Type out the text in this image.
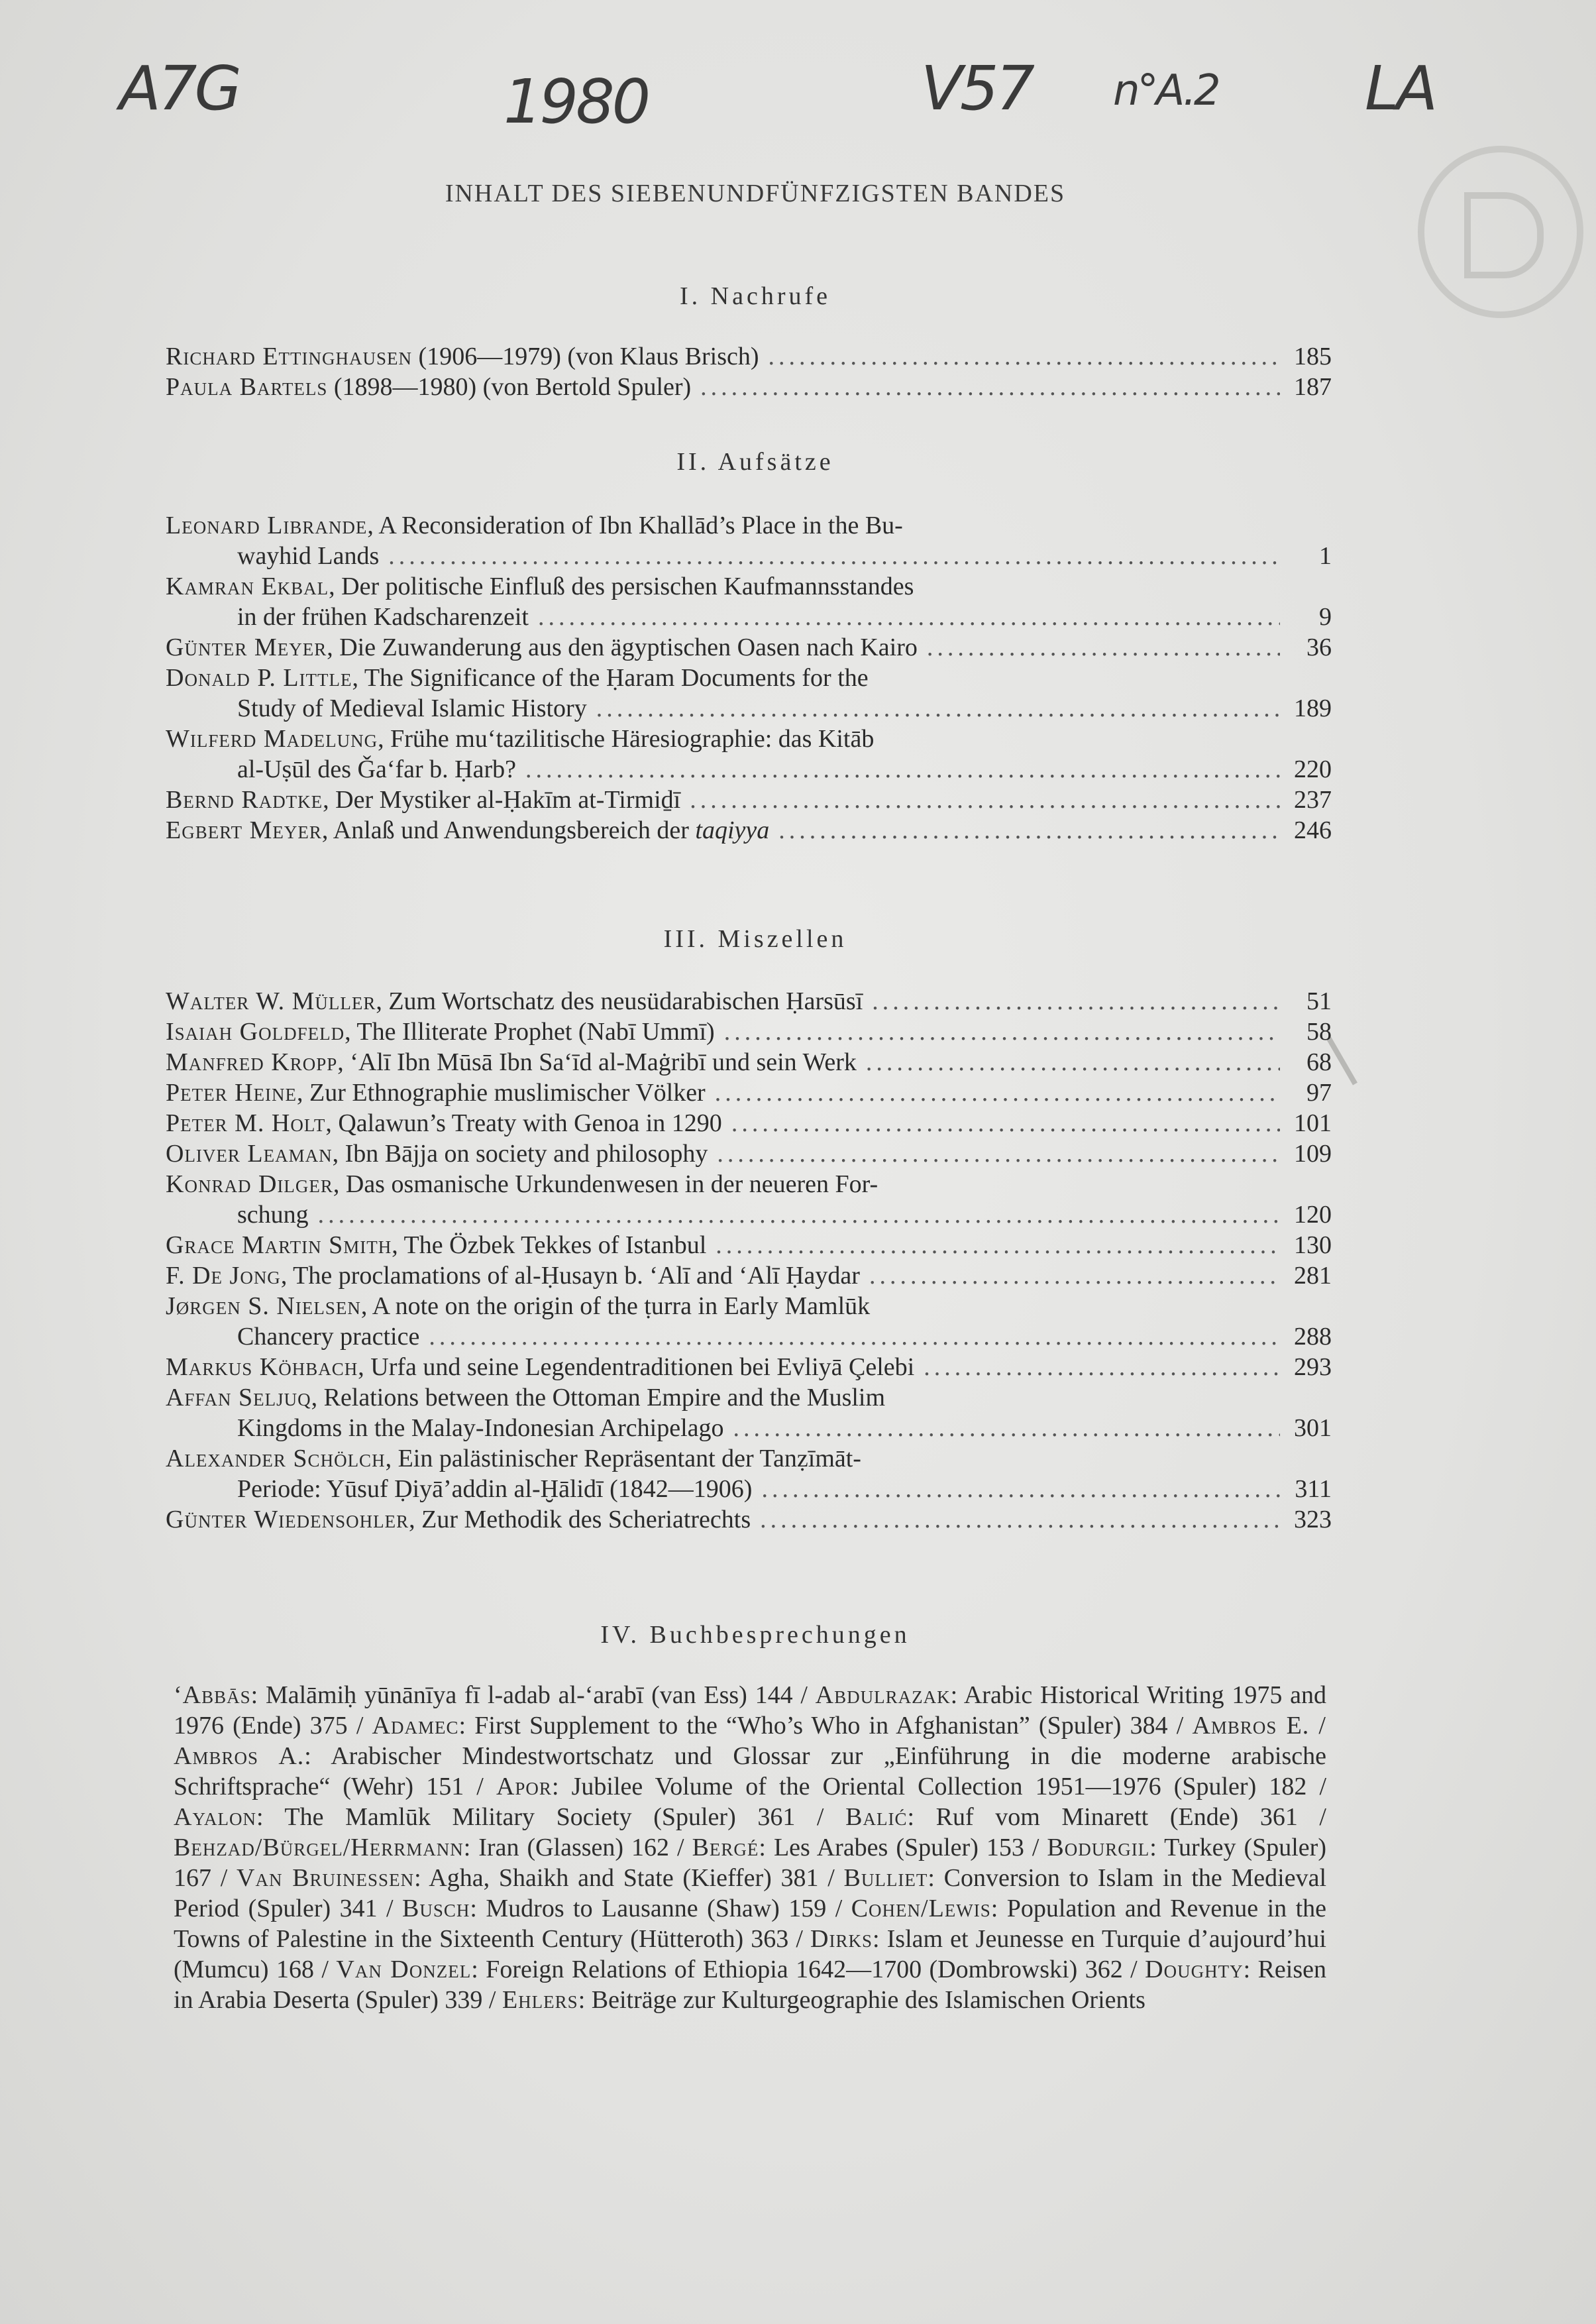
A7G	1980	V57 n°A.2 LA
INHALT DES SIEBENUNDFÜNFZIGSTEN BANDES
I. Nachrufe
Richard Ettinghausen (1906—1979) (von Klaus Brisch) .....	185
Paula Bartels (1898—1980) (von Bertold Spuler) .....	187
II. Aufsätze
Leonard Librande, A Reconsideration of Ibn Khallād’s Place in the Bu-
wayhid Lands .....	1
Kamran Ekbal, Der politische Einfluß des persischen Kaufmannsstandes
in der frühen Kadscharenzeit .....	9
Günter Meyer, Die Zuwanderung aus den ägyptischen Oasen nach Kairo .....	36
Donald P. Little, The Significance of the Ḥaram Documents for the
Study of Medieval Islamic History .....	189
Wilferd Madelung, Frühe mu‘tazilitische Häresiographie: das Kitāb
al-Uṣūl des Ǧa‘far b. Ḥarb? .....	220
Bernd Radtke, Der Mystiker al-Ḥakīm at-Tirmiḏī .....	237
Egbert Meyer, Anlaß und Anwendungsbereich der taqiyya .....	246
III. Miszellen
Walter W. Müller, Zum Wortschatz des neusüdarabischen Ḥarsūsī .....	51
Isaiah Goldfeld, The Illiterate Prophet (Nabī Ummī) .....	58
Manfred Kropp, ‘Alī Ibn Mūsā Ibn Sa‘īd al-Maġribī und sein Werk .....	68
Peter Heine, Zur Ethnographie muslimischer Völker .....	97
Peter M. Holt, Qalawun’s Treaty with Genoa in 1290 .....	101
Oliver Leaman, Ibn Bājja on society and philosophy .....	109
Konrad Dilger, Das osmanische Urkundenwesen in der neueren For-
schung .....	120
Grace Martin Smith, The Özbek Tekkes of Istanbul .....	130
F. De Jong, The proclamations of al-Ḥusayn b. ‘Alī and ‘Alī Ḥaydar .....	281
Jørgen S. Nielsen, A note on the origin of the ṭurra in Early Mamlūk
Chancery practice .....	288
Markus Köhbach, Urfa und seine Legendentraditionen bei Evliyā Çelebi .....	293
Affan Seljuq, Relations between the Ottoman Empire and the Muslim
Kingdoms in the Malay-Indonesian Archipelago .....	301
Alexander Schölch, Ein palästinischer Repräsentant der Tanẓīmāt-
Periode: Yūsuf Ḍiyā’addin al-Ḫālidī (1842—1906) .....	311
Günter Wiedensohler, Zur Methodik des Scheriatrechts .....	323
IV. Buchbesprechungen
‘Abbās: Malāmiḥ yūnānīya fī l-adab al-‘arabī (van Ess) 144 / Abdulrazak: Arabic Historical Writing 1975 and 1976 (Ende) 375 / Adamec: First Supplement to the “Who’s Who in Afghanistan” (Spuler) 384 / Ambros E. / Ambros A.: Arabischer Mindestwortschatz und Glossar zur „Einführung in die moderne arabische Schriftsprache“ (Wehr) 151 / Apor: Jubilee Volume of the Oriental Collection 1951—1976 (Spuler) 182 / Ayalon: The Mamlūk Military Society (Spuler) 361 / Balić: Ruf vom Minarett (Ende) 361 / Behzad/Bürgel/Herrmann: Iran (Glassen) 162 / Bergé: Les Arabes (Spuler) 153 / Bodurgil: Turkey (Spuler) 167 / Van Bruinessen: Agha, Shaikh and State (Kieffer) 381 / Bulliet: Conversion to Islam in the Medieval Period (Spuler) 341 / Busch: Mudros to Lausanne (Shaw) 159 / Cohen/Lewis: Population and Revenue in the Towns of Palestine in the Sixteenth Century (Hütteroth) 363 / Dirks: Islam et Jeunesse en Turquie d’aujourd’hui (Mumcu) 168 / Van Donzel: Foreign Relations of Ethiopia 1642—1700 (Dombrowski) 362 / Doughty: Reisen in Arabia Deserta (Spuler) 339 / Ehlers: Beiträge zur Kulturgeographie des Islamischen Orients
